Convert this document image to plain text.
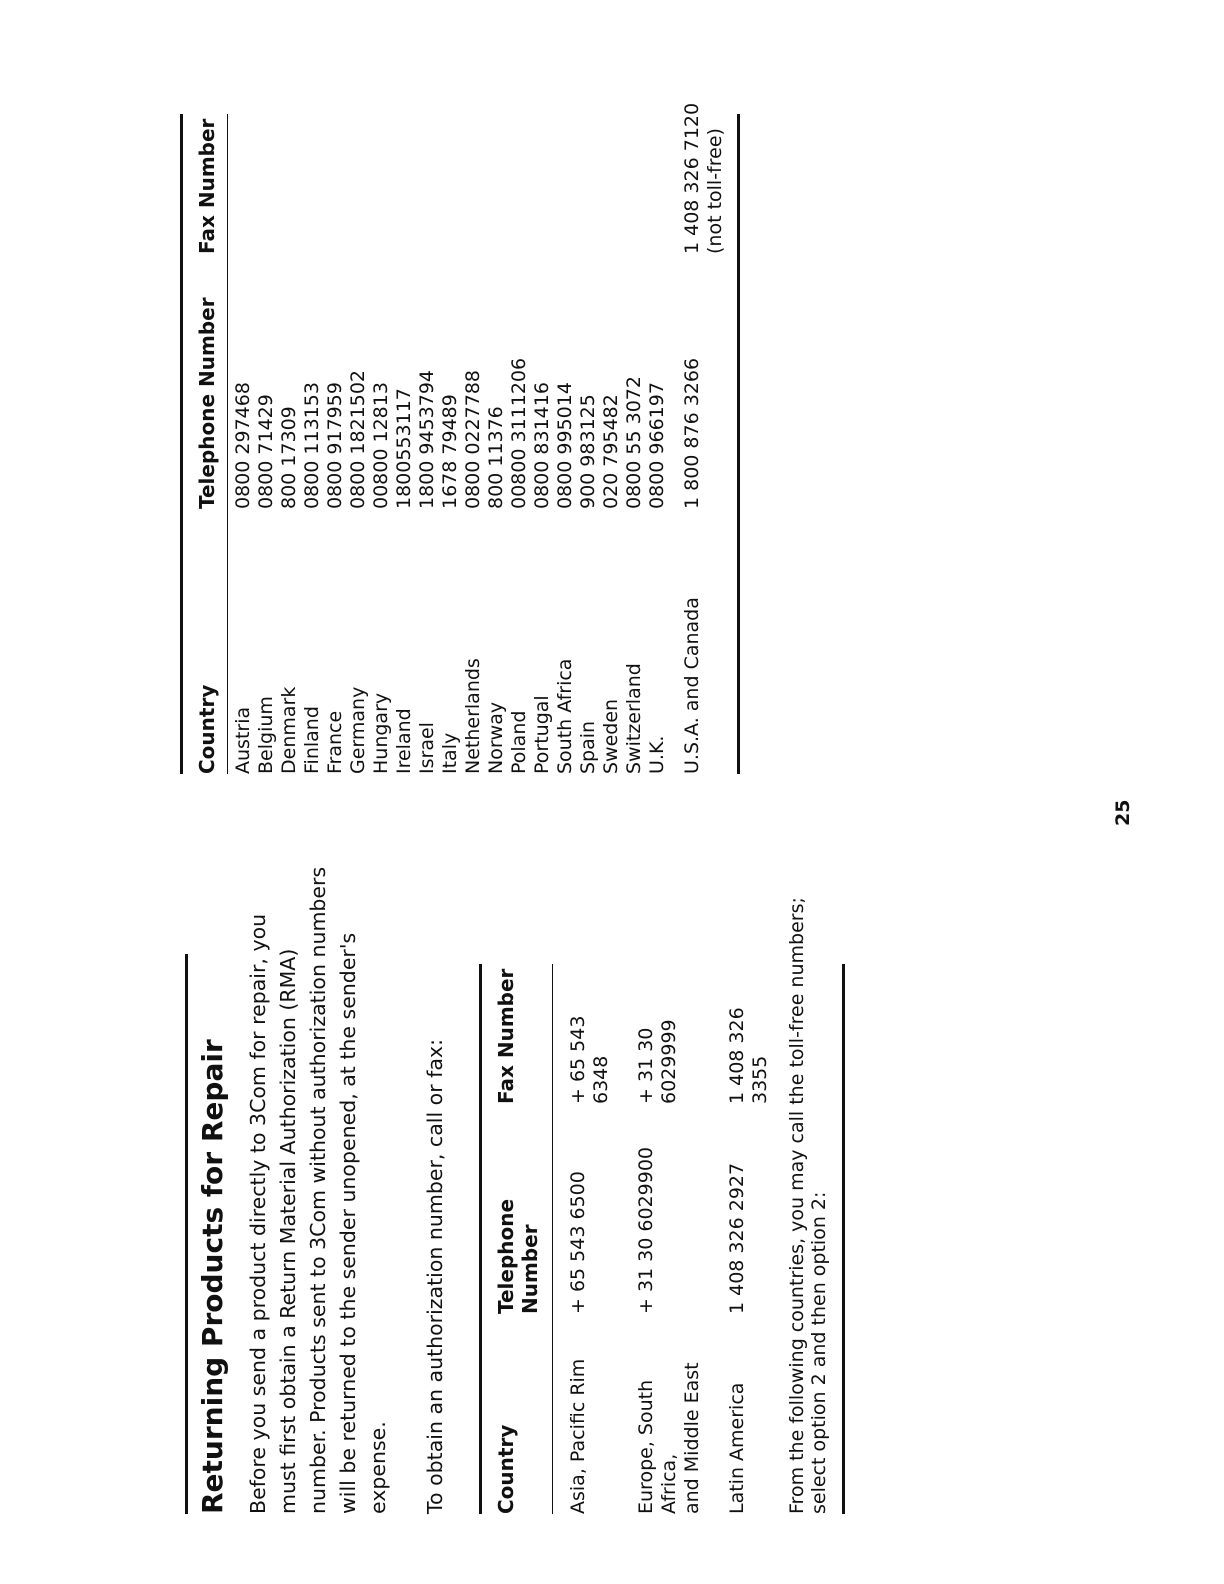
Returning Products for Repair Before you send a product directly to 3Com for repair, you must first obtain a Return Material Authorization (RMA) number. Products sent to 3Com without authorization numbers will be returned to the sender unopened, at the sender's expense. To obtain an authorization number, call or fax: Country
Telephone Number
Fax Number
Asia, Pacific Rim
+ 65 543 6500
+ 65 543 6348
Europe, South Africa, and Middle East
+ 31 30 6029900
+ 31 30 6029999
Latin America
1 408 326 2927
1 408 326 3355 From the following countries, you may call the toll-free numbers; select option 2 and then option 2:
Country
Telephone Number
Fax Number
Austria Belgium Denmark Finland France Germany Hungary Ireland Israel Italy Netherlands Norway Poland Portugal South Africa Spain Sweden Switzerland U.K.
0800 297468 0800 71429 800 17309 0800 113153 0800 917959 0800 1821502 00800 12813 1800553117 1800 9453794 1678 79489 0800 0227788 800 11376 00800 3111206 0800 831416 0800 995014 900 983125 020 795482 0800 55 3072 0800 966197
U.S.A. and Canada
1 800 876 3266
1 408 326 7120 (not toll-free)
25
